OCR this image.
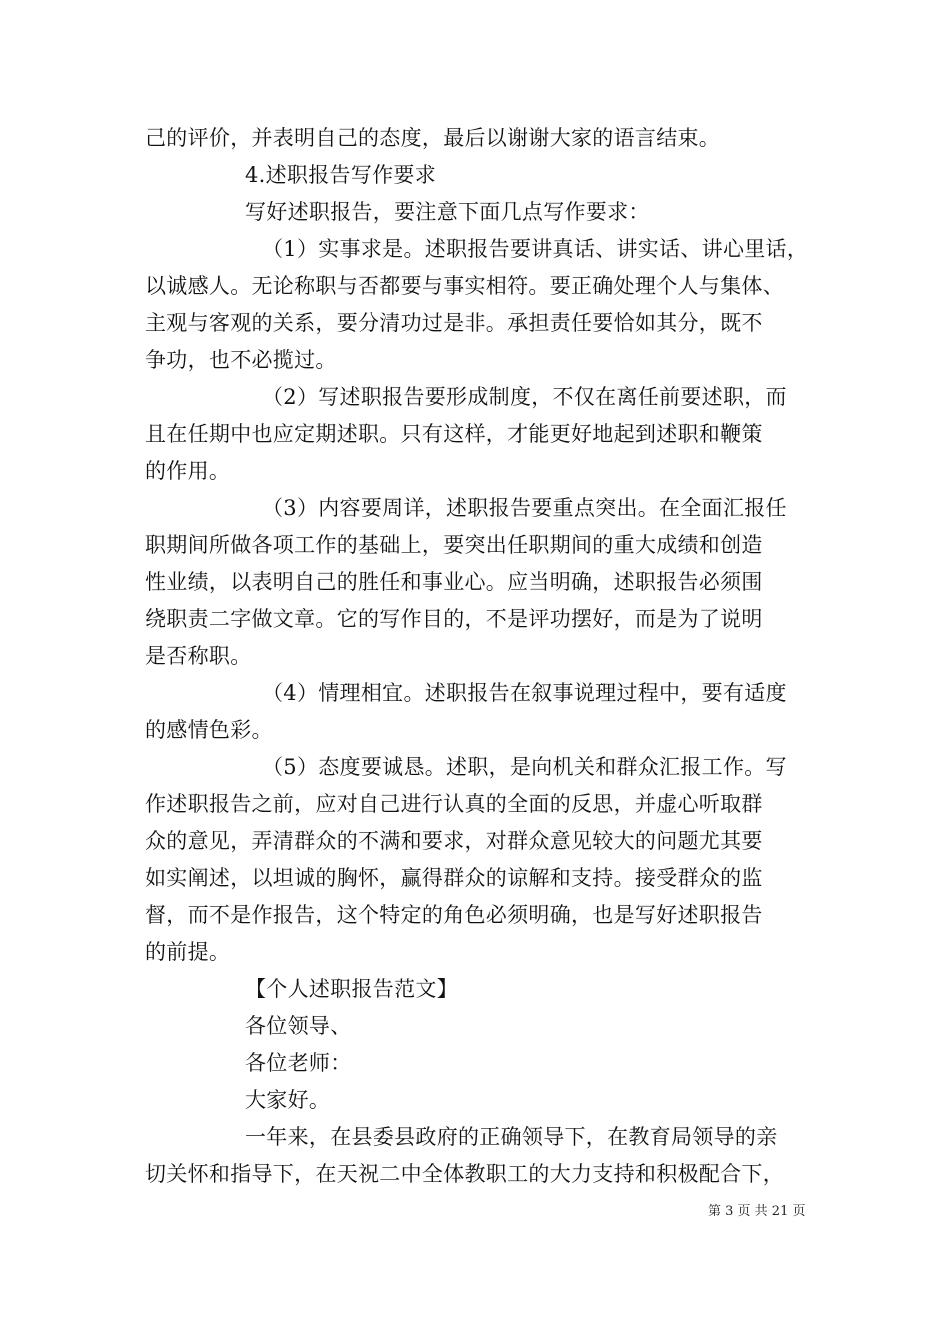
己的评价，并表明自己的态度，最后以谢谢大家的语言结束。
4.述职报告写作要求
写好述职报告，要注意下面几点写作要求：
（1）实事求是。述职报告要讲真话、讲实话、讲心里话，
以诚感人。无论称职与否都要与事实相符。要正确处理个人与集体、
主观与客观的关系，要分清功过是非。承担责任要恰如其分，既不
争功，也不必揽过。
（2）写述职报告要形成制度，不仅在离任前要述职，而
且在任期中也应定期述职。只有这样，才能更好地起到述职和鞭策
的作用。
（3）内容要周详，述职报告要重点突出。在全面汇报任
职期间所做各项工作的基础上，要突出任职期间的重大成绩和创造
性业绩，以表明自己的胜任和事业心。应当明确，述职报告必须围
绕职责二字做文章。它的写作目的，不是评功摆好，而是为了说明
是否称职。
（4）情理相宜。述职报告在叙事说理过程中，要有适度
的感情色彩。
（5）态度要诚恳。述职，是向机关和群众汇报工作。写
作述职报告之前，应对自己进行认真的全面的反思，并虚心听取群
众的意见，弄清群众的不满和要求，对群众意见较大的问题尤其要
如实阐述，以坦诚的胸怀，赢得群众的谅解和支持。接受群众的监
督，而不是作报告，这个特定的角色必须明确，也是写好述职报告
的前提。
【个人述职报告范文】
各位领导、
各位老师：
大家好。
一年来，在县委县政府的正确领导下，在教育局领导的亲
切关怀和指导下，在天祝二中全体教职工的大力支持和积极配合下，
第 3 页 共 21 页
